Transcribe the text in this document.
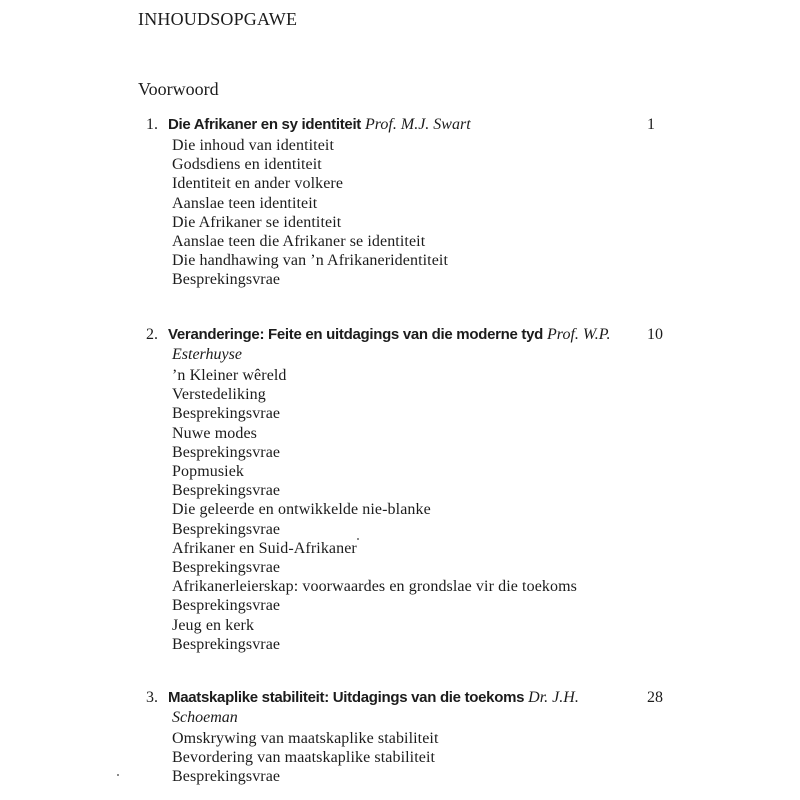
INHOUDSOPGAWE
Voorwoord
1. Die Afrikaner en sy identiteit Prof. M.J. Swart	1
Die inhoud van identiteit
Godsdiens en identiteit
Identiteit en ander volkere
Aanslae teen identiteit
Die Afrikaner se identiteit
Aanslae teen die Afrikaner se identiteit
Die handhawing van ’n Afrikaneridentiteit
Besprekingsvrae
2. Veranderinge: Feite en uitdagings van die moderne tyd Prof. W.P.
Esterhuyse
10
’n Kleiner wêreld
Verstedeliking
Besprekingsvrae
Nuwe modes
Besprekingsvrae
Popmusiek
Besprekingsvrae
Die geleerde en ontwikkelde nie-blanke
Besprekingsvrae
Afrikaner en Suid-Afrikaner
Besprekingsvrae
Afrikanerleierskap: voorwaardes en grondslae vir die toekoms
Besprekingsvrae
Jeug en kerk
Besprekingsvrae
3. Maatskaplike stabiliteit: Uitdagings van die toekoms Dr. J.H.
Schoeman
28
Omskrywing van maatskaplike stabiliteit
Bevordering van maatskaplike stabiliteit
Besprekingsvrae
